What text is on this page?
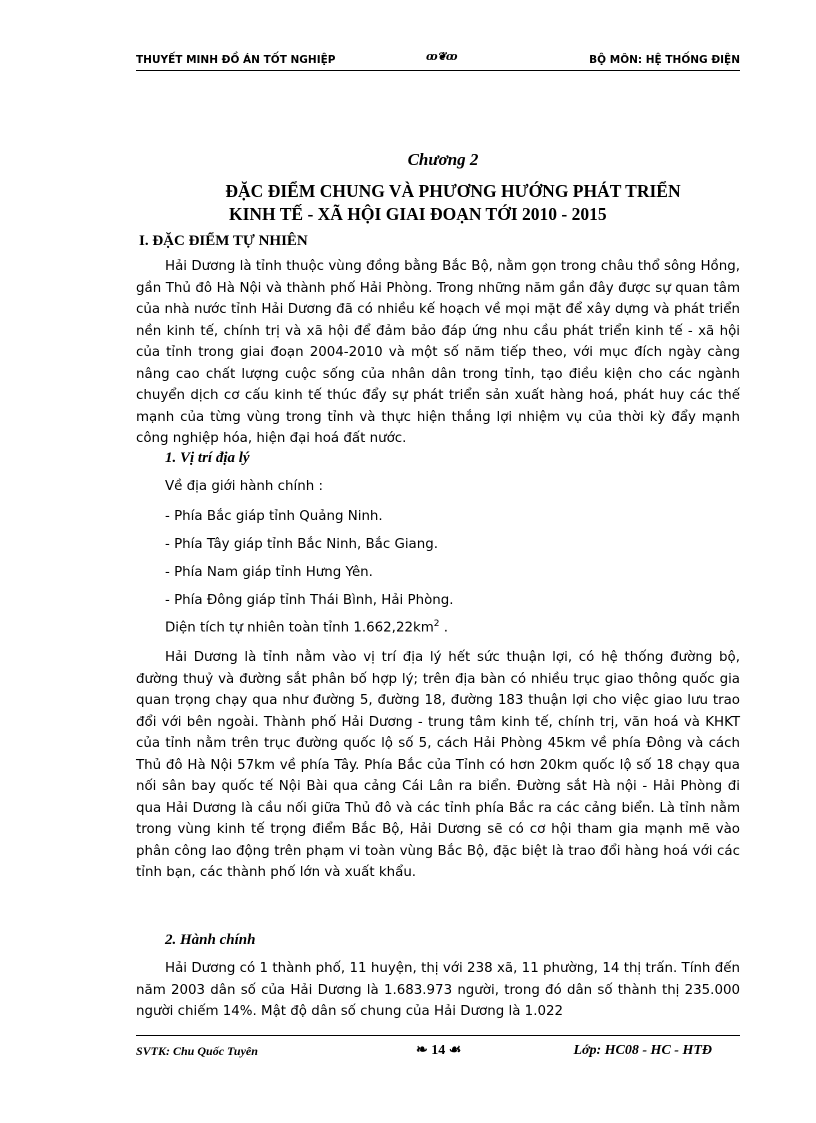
THUYẾT MINH ĐỒ ÁN TỐT NGHIỆP	ꝏ❦ꝏ	BỘ MÔN: HỆ THỐNG ĐIỆN
Chương 2
ĐẶC ĐIỂM CHUNG VÀ PHƯƠNG HƯỚNG PHÁT TRIỂN
KINH TẾ - XÃ HỘI GIAI ĐOẠN TỚI 2010 - 2015
I. ĐẶC ĐIỂM TỰ NHIÊN

Hải Dương là tỉnh thuộc vùng đồng bằng Bắc Bộ, nằm gọn trong châu thổ sông Hồng, gần Thủ đô Hà Nội và thành phố Hải Phòng. Trong những năm gần đây được sự quan tâm của nhà nước tỉnh Hải Dương đã có nhiều kế hoạch về mọi mặt để xây dựng và phát triển nền kinh tế, chính trị và xã hội để đảm bảo đáp ứng nhu cầu phát triển kinh tế - xã hội của tỉnh trong giai đoạn 2004-2010 và một số năm tiếp theo, với mục đích ngày càng nâng cao chất lượng cuộc sống của nhân dân trong tỉnh, tạo điều kiện cho các ngành chuyển dịch cơ cấu kinh tế thúc đẩy sự phát triển sản xuất hàng hoá, phát huy các thế mạnh của từng vùng trong tỉnh và thực hiện thắng lợi nhiệm vụ của thời kỳ đẩy mạnh công nghiệp hóa, hiện đại hoá đất nước.

1. Vị trí địa lý
Về địa giới hành chính :
- Phía Bắc giáp tỉnh Quảng Ninh.
- Phía Tây giáp tỉnh Bắc Ninh, Bắc Giang.
- Phía Nam giáp tỉnh Hưng Yên.
- Phía Đông giáp tỉnh Thái Bình, Hải Phòng.
Diện tích tự nhiên toàn tỉnh $1.662,22km^2$ .

Hải Dương là tỉnh nằm vào vị trí địa lý hết sức thuận lợi, có hệ thống đường bộ, đường thuỷ và đường sắt phân bố hợp lý; trên địa bàn có nhiều trục giao thông quốc gia quan trọng chạy qua như đường 5, đường 18, đường 183 thuận lợi cho việc giao lưu trao đổi với bên ngoài. Thành phố Hải Dương - trung tâm kinh tế, chính trị, văn hoá và KHKT của tỉnh nằm trên trục đường quốc lộ số 5, cách Hải Phòng 45km về phía Đông và cách Thủ đô Hà Nội 57km về phía Tây. Phía Bắc của Tỉnh có hơn 20km quốc lộ số 18 chạy qua nối sân bay quốc tế Nội Bài qua cảng Cái Lân ra biển. Đường sắt Hà nội - Hải Phòng đi qua Hải Dương là cầu nối giữa Thủ đô và các tỉnh phía Bắc ra các cảng biển. Là tỉnh nằm trong vùng kinh tế trọng điểm Bắc Bộ, Hải Dương sẽ có cơ hội tham gia mạnh mẽ vào phân công lao động trên phạm vi toàn vùng Bắc Bộ, đặc biệt là trao đổi hàng hoá với các tỉnh bạn, các thành phố lớn và xuất khẩu.

2. Hành chính

Hải Dương có 1 thành phố, 11 huyện, thị với 238 xã, 11 phường, 14 thị trấn. Tính đến năm 2003 dân số của Hải Dương là 1.683.973 người, trong đó dân số thành thị 235.000 người chiếm 14%. Mật độ dân số chung của Hải Dương là 1.022

SVTK: Chu Quốc Tuyên	❧ 14 ☙	Lớp: HC08 - HC - HTĐ
